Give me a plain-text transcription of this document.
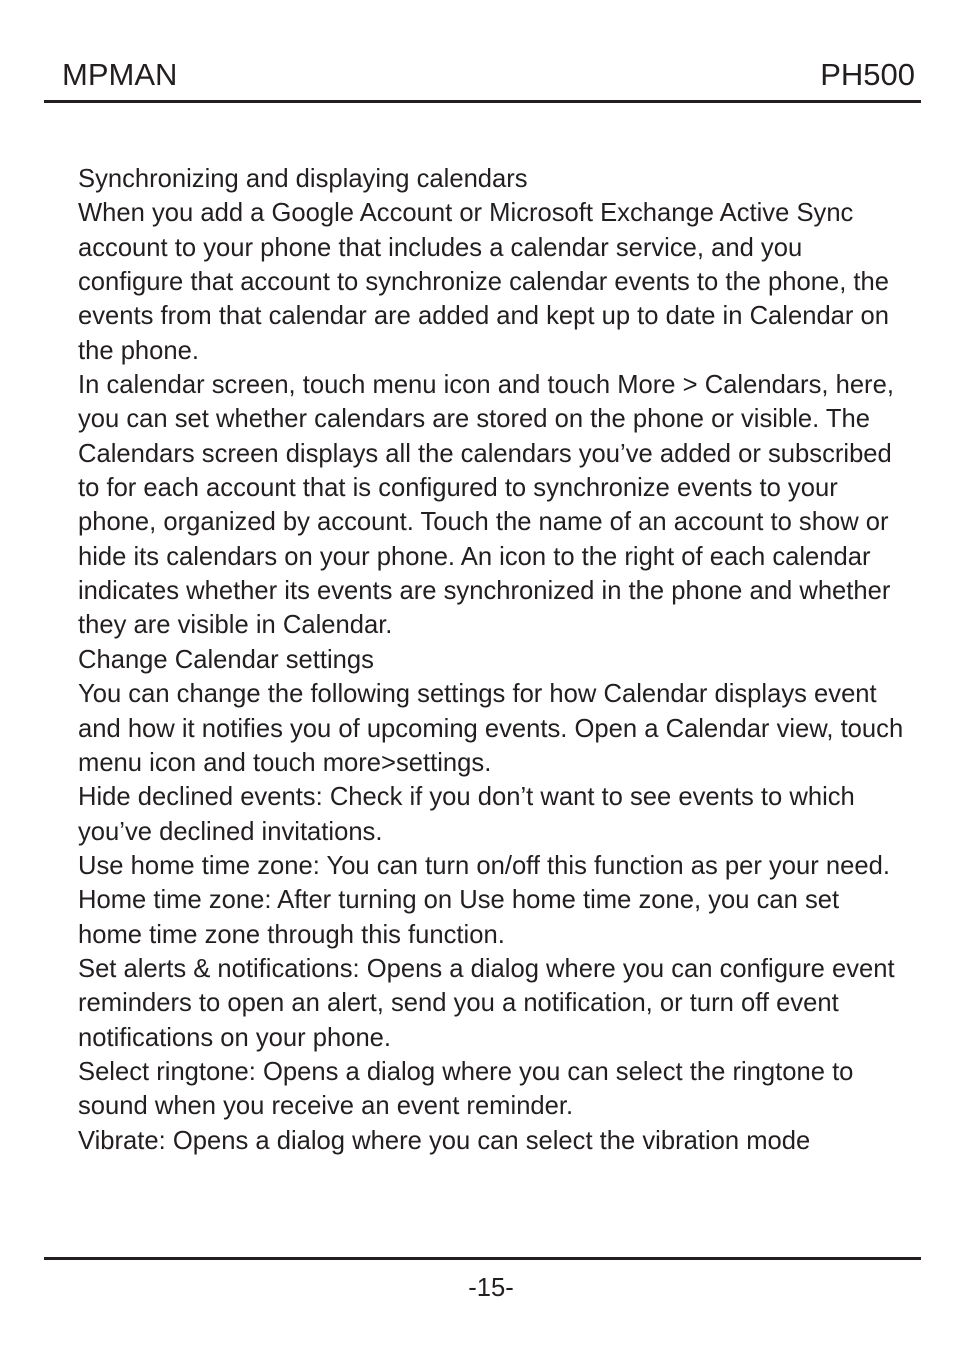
MPMAN	PH500

Synchronizing and displaying calendars

When you add a Google Account or Microsoft Exchange Active Sync account to your phone that includes a calendar service, and you configure that account to synchronize calendar events to the phone, the events from that calendar are added and kept up to date in Calendar on the phone.

In calendar screen, touch menu icon and touch More > Calendars, here, you can set whether calendars are stored on the phone or visible. The Calendars screen displays all the calendars you’ve added or subscribed to for each account that is configured to synchronize events to your phone, organized by account. Touch the name of an account to show or hide its calendars on your phone. An icon to the right of each calendar indicates whether its events are synchronized in the phone and whether they are visible in Calendar.

Change Calendar settings

You can change the following settings for how Calendar displays event and how it notifies you of upcoming events. Open a Calendar view, touch menu icon and touch more>settings.

Hide declined events: Check if you don’t want to see events to which you’ve declined invitations.

Use home time zone: You can turn on/off this function as per your need.

Home time zone: After turning on Use home time zone, you can set home time zone through this function.

Set alerts & notifications: Opens a dialog where you can configure event reminders to open an alert, send you a notification, or turn off event notifications on your phone.

Select ringtone: Opens a dialog where you can select the ringtone to sound when you receive an event reminder.

Vibrate: Opens a dialog where you can select the vibration mode

-15-
